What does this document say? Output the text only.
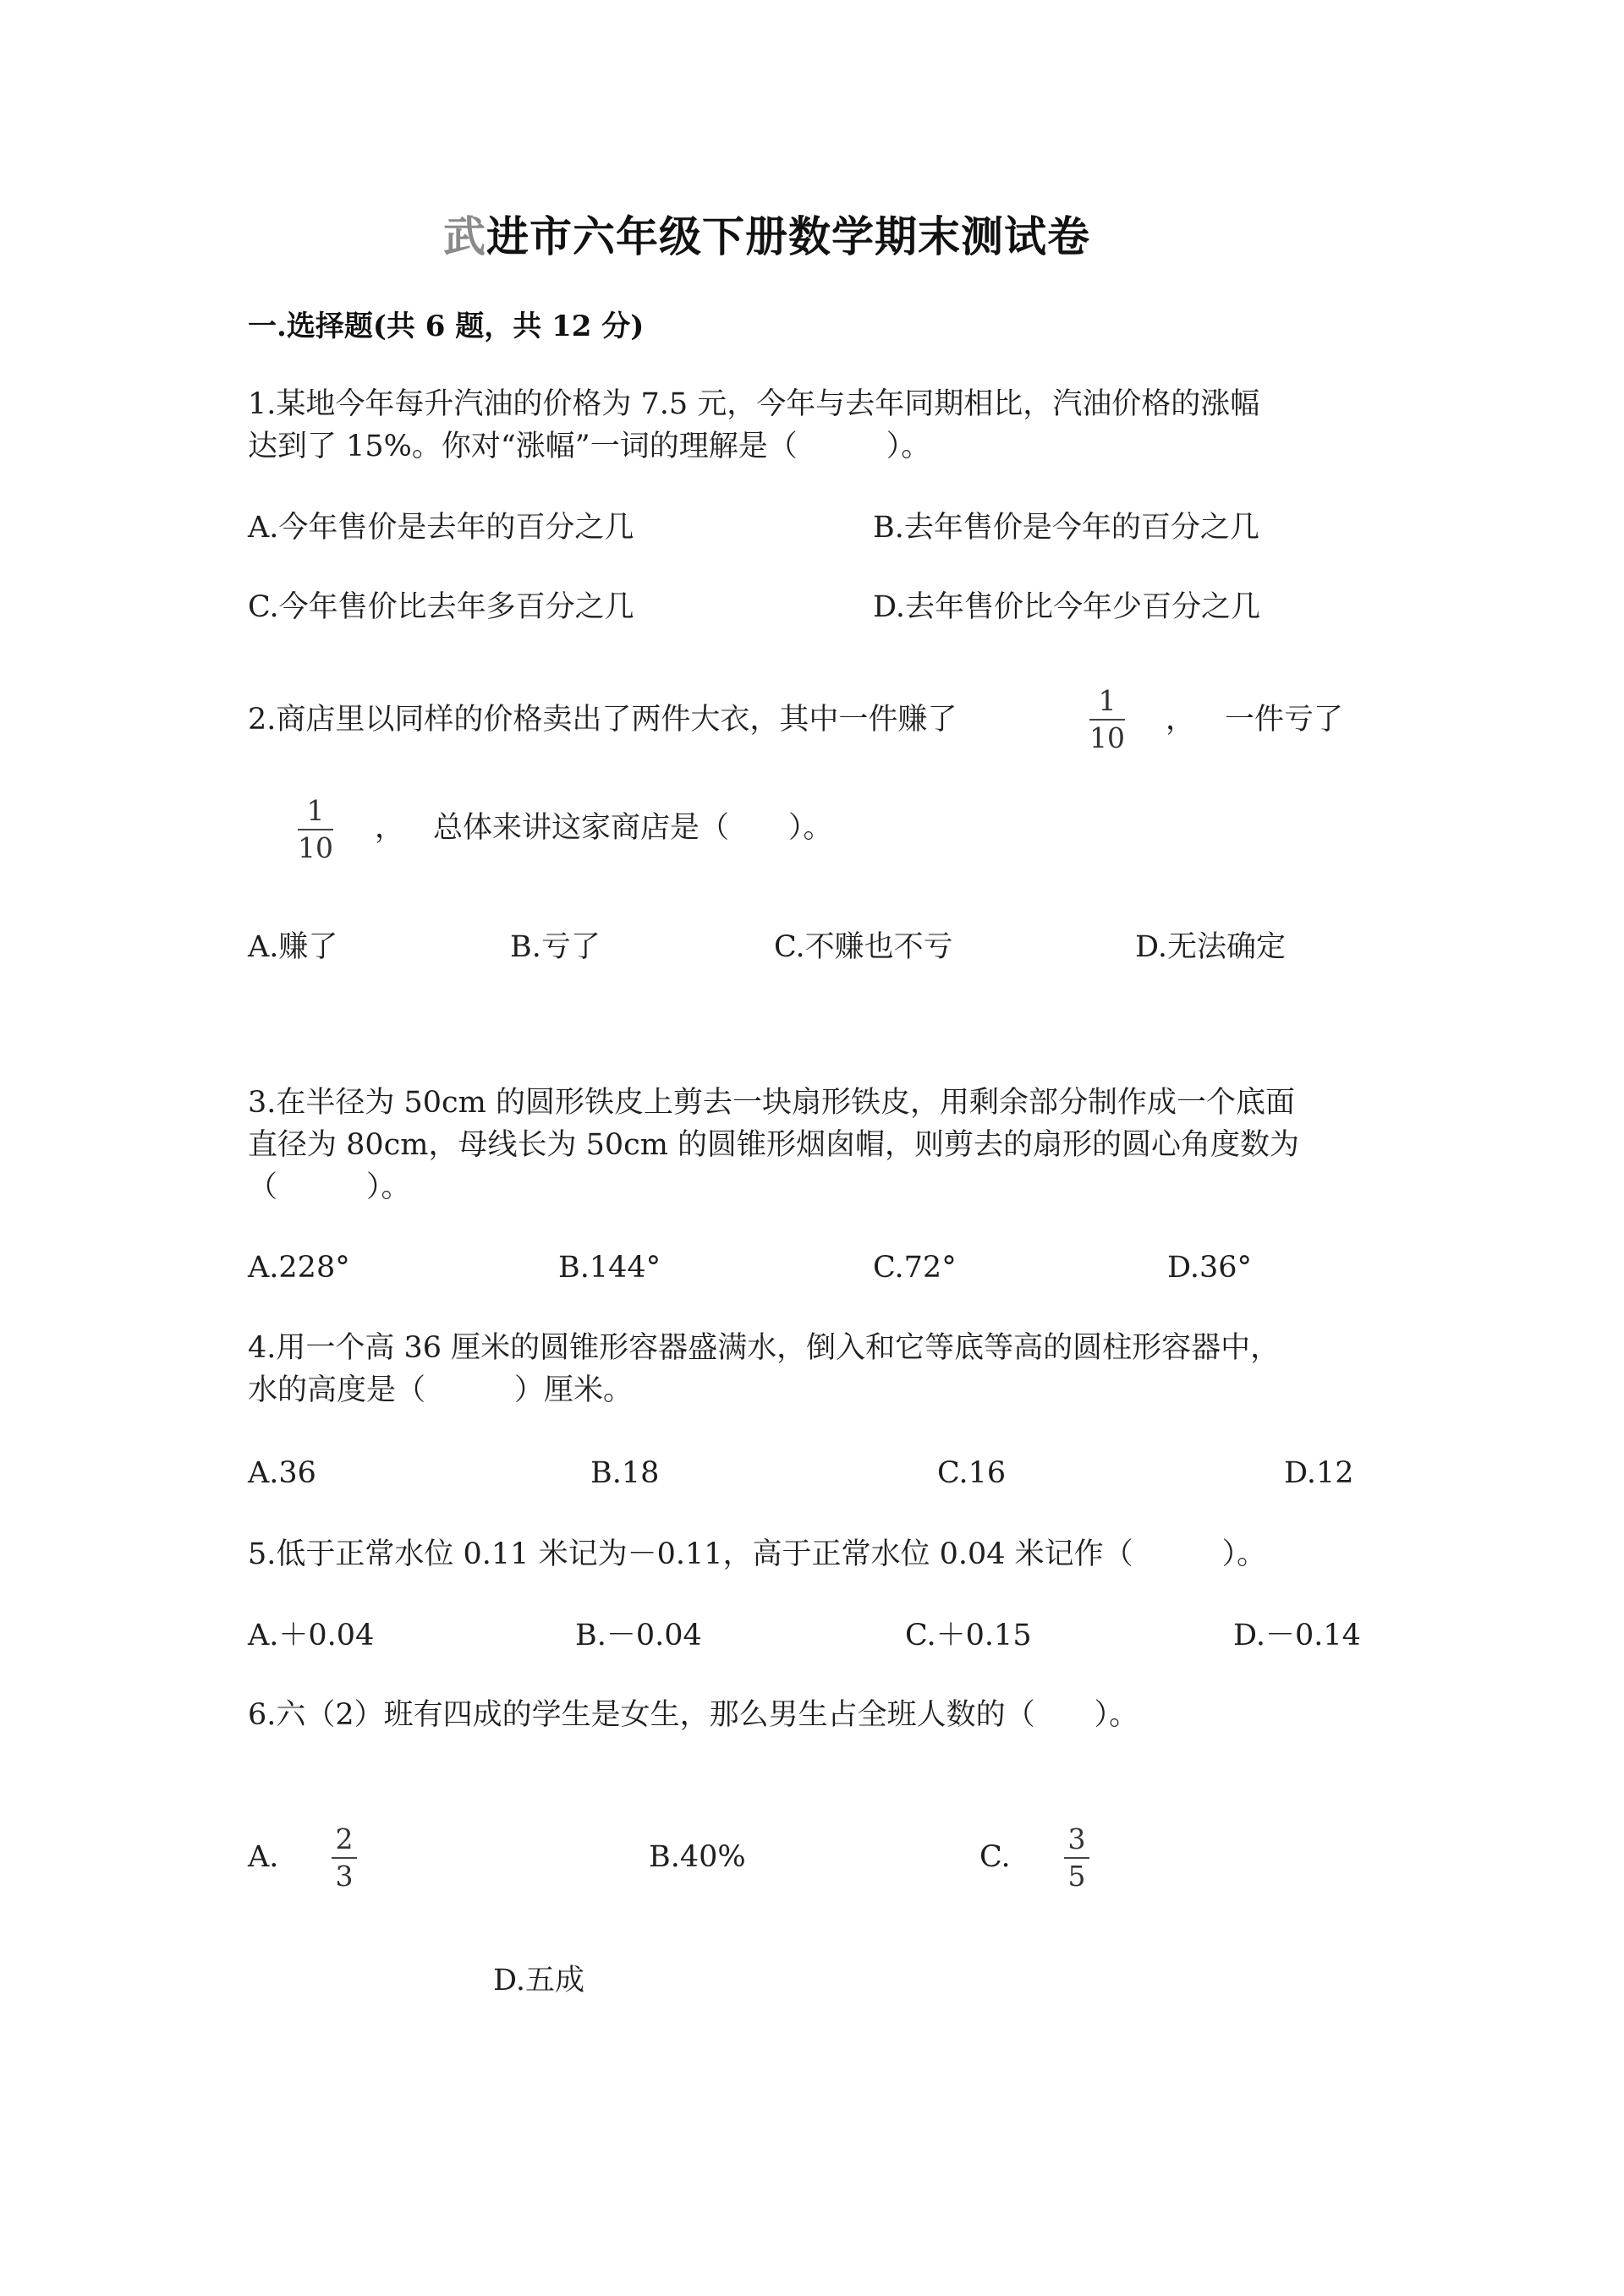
武进市六年级下册数学期末测试卷
一.选择题(共 6 题，共 12 分)
1.某地今年每升汽油的价格为 7.5 元，今年与去年同期相比，汽油价格的涨幅
达到了 15%。你对“涨幅”一词的理解是（　　　）。
A.今年售价是去年的百分之几	B.去年售价是今年的百分之几
C.今年售价比去年多百分之几	D.去年售价比今年少百分之几
2.商店里以同样的价格卖出了两件大衣，其中一件赚了
1
10
， 一件亏了
1
10
， 总体来讲这家商店是（　　）。
A.赚了	B.亏了	C.不赚也不亏	D.无法确定
3.在半径为 50cm 的圆形铁皮上剪去一块扇形铁皮，用剩余部分制作成一个底面
直径为 80cm，母线长为 50cm 的圆锥形烟囱帽，则剪去的扇形的圆心角度数为
（　　　）。
A.228°	B.144°	C.72°	D.36°
4.用一个高 36 厘米的圆锥形容器盛满水，倒入和它等底等高的圆柱形容器中，
水的高度是（　　　）厘米。
A.36	B.18	C.16	D.12
5.低于正常水位 0.11 米记为－0.11，高于正常水位 0.04 米记作（　　　）。
A.＋0.04	B.－0.04	C.＋0.15	D.－0.14
6.六（2）班有四成的学生是女生，那么男生占全班人数的（　　）。
A.
2
3
B.40%	C.
3
5
D.五成
